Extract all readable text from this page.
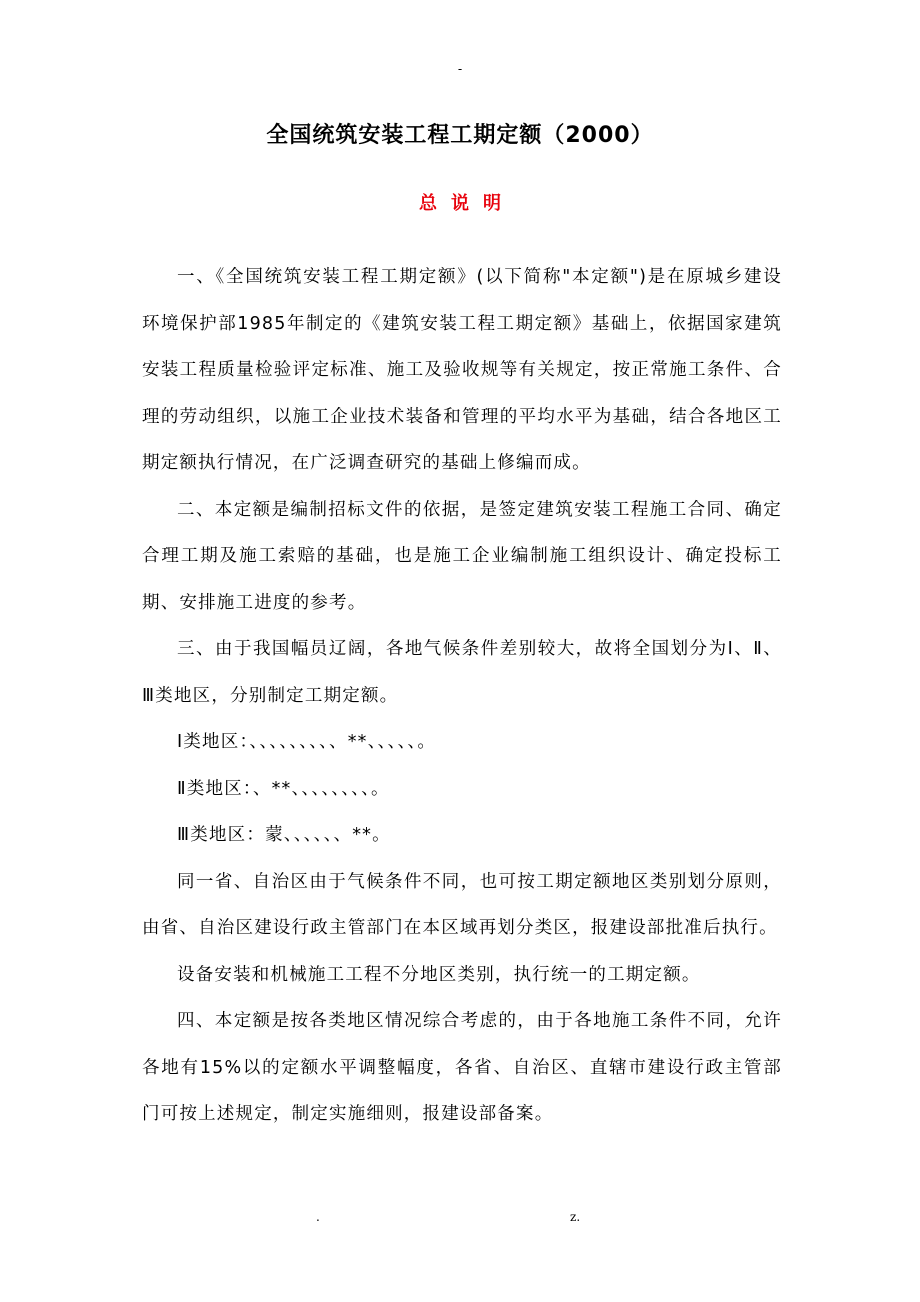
-
全国统筑安装工程工期定额（2000）
总说明

一、《全国统筑安装工程工期定额》(以下简称"本定额")是在原城乡建设环境保护部1985年制定的《建筑安装工程工期定额》基础上，依据国家建筑安装工程质量检验评定标准、施工及验收规等有关规定，按正常施工条件、合理的劳动组织，以施工企业技术装备和管理的平均水平为基础，结合各地区工期定额执行情况，在广泛调查研究的基础上修编而成。

二、本定额是编制招标文件的依据，是签定建筑安装工程施工合同、确定合理工期及施工索赔的基础，也是施工企业编制施工组织设计、确定投标工期、安排施工进度的参考。

三、由于我国幅员辽阔，各地气候条件差别较大，故将全国划分为Ⅰ、Ⅱ、Ⅲ类地区，分别制定工期定额。

Ⅰ类地区：、、、、、、、、、**、、、、、。

Ⅱ类地区：、**、、、、、、、、。

Ⅲ类地区：蒙、、、、、、**。

同一省、自治区由于气候条件不同，也可按工期定额地区类别划分原则，由省、自治区建设行政主管部门在本区域再划分类区，报建设部批准后执行。

设备安装和机械施工工程不分地区类别，执行统一的工期定额。

四、本定额是按各类地区情况综合考虑的，由于各地施工条件不同，允许各地有15%以的定额水平调整幅度，各省、自治区、直辖市建设行政主管部门可按上述规定，制定实施细则，报建设部备案。

.	z.
